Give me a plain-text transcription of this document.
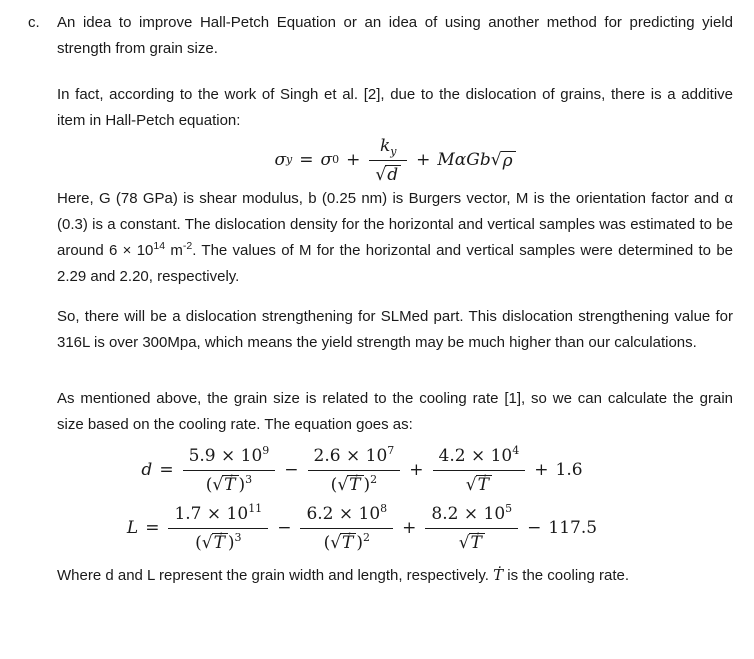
c. An idea to improve Hall-Petch Equation or an idea of using another method for predicting yield strength from grain size.

In fact, according to the work of Singh et al. [2], due to the dislocation of grains, there is a additive item in Hall-Petch equation:

σ y = σ $0 + \frac{k_y}{√ d} + M\alpha Gb$ √ ρ

Here, G (78 GPa) is shear modulus, b (0.25 nm) is Burgers vector, M is the orientation factor and α (0.3) is a constant. The dislocation density for the horizontal and vertical samples was estimated to be around $6 \times 10^{14}$ $m^{-2}$. The values of M for the horizontal and vertical samples were determined to be 2.29 and 2.20, respectively.

So, there will be a dislocation strengthening for SLMed part. This dislocation strengthening value for 316L is over 300Mpa, which means the yield strength may be much higher than our calculations.

As mentioned above, the grain size is related to the cooling rate [1], so we can calculate the grain size based on the cooling rate. The equation goes as:

$d = \frac{5.9 \times 10^9}{(√ Ṫ )^3} - \frac{2.6 \times 10^7}{(√ Ṫ )^2} + \frac{4.2 \times 10^4}{\text{√ Ṫ}} + 1.6$
$L = \frac{1.7 \times 10^{11}}{(√ Ṫ )^3} - \frac{6.2 \times 10^8}{(√ Ṫ )^2} + \frac{8.2 \times 10^5}{\text{√ Ṫ}} - 117.5$

Where d and L represent the grain width and length, respectively. Ṫ is the cooling rate.
